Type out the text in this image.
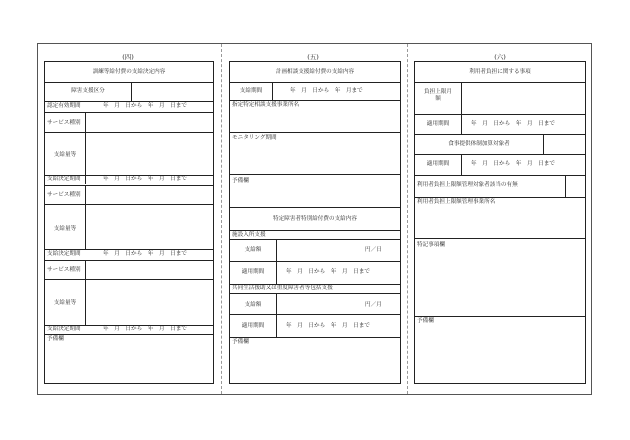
(四)
訓練等給付費の支給決定内容
障害支援区分
認定有効期間	年　月　日から　年　月　日まで
サービス種別
支給量等
支給決定期間	年　月　日から　年　月　日まで
サービス種別
支給量等
支給決定期間	年　月　日から　年　月　日まで
サービス種別
支給量等
支給決定期間	年　月　日から　年　月　日まで
予備欄
(五)
計画相談支援給付費の支給内容
支給期間	年　月　日から　年　月まで
指定特定相談支援事業所名
モニタリング期間
予備欄
特定障害者特別給付費の支給内容
施設入所支援
支給額	円／日
適用期間	年　月　日から　年　月　日まで
共同生活援助又は重度障害者等包括支援
支給額	円／月
適用期間	年　月　日から　年　月　日まで
予備欄
(六)
利用者負担に関する事項
負担上限月額
適用期間	年　月　日から　年　月　日まで
食事提供体制加算対象者
適用期間	年　月　日から　年　月　日まで
利用者負担上限額管理対象者該当の有無
利用者負担上限額管理事業所名
特記事項欄
予備欄
